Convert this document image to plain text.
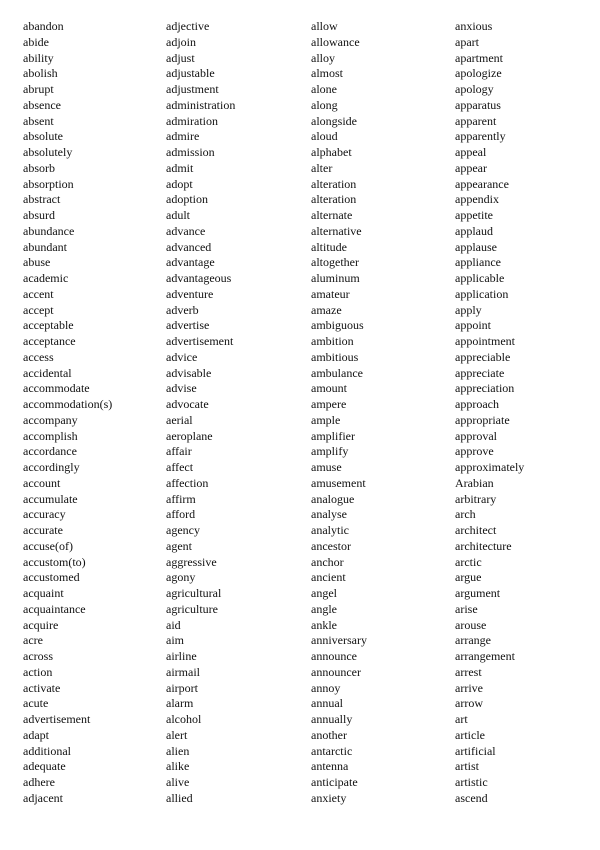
abandon
abide
ability
abolish
abrupt
absence
absent
absolute
absolutely
absorb
absorption
abstract
absurd
abundance
abundant
abuse
academic
accent
accept
acceptable
acceptance
access
accidental
accommodate
accommodation(s)
accompany
accomplish
accordance
accordingly
account
accumulate
accuracy
accurate
accuse(of)
accustom(to)
accustomed
acquaint
acquaintance
acquire
acre
across
action
activate
acute
advertisement
adapt
additional
adequate
adhere
adjacent
adjective
adjoin
adjust
adjustable
adjustment
administration
admiration
admire
admission
admit
adopt
adoption
adult
advance
advanced
advantage
advantageous
adventure
adverb
advertise
advertisement
advice
advisable
advise
advocate
aerial
aeroplane
affair
affect
affection
affirm
afford
agency
agent
aggressive
agony
agricultural
agriculture
aid
aim
airline
airmail
airport
alarm
alcohol
alert
alien
alike
alive
allied
allow
allowance
alloy
almost
alone
along
alongside
aloud
alphabet
alter
alteration
alteration
alternate
alternative
altitude
altogether
aluminum
amateur
amaze
ambiguous
ambition
ambitious
ambulance
amount
ampere
ample
amplifier
amplify
amuse
amusement
analogue
analyse
analytic
ancestor
anchor
ancient
angel
angle
ankle
anniversary
announce
announcer
annoy
annual
annually
another
antarctic
antenna
anticipate
anxiety
anxious
apart
apartment
apologize
apology
apparatus
apparent
apparently
appeal
appear
appearance
appendix
appetite
applaud
applause
appliance
applicable
application
apply
appoint
appointment
appreciable
appreciate
appreciation
approach
appropriate
approval
approve
approximately
Arabian
arbitrary
arch
architect
architecture
arctic
argue
argument
arise
arouse
arrange
arrangement
arrest
arrive
arrow
art
article
artificial
artist
artistic
ascend
